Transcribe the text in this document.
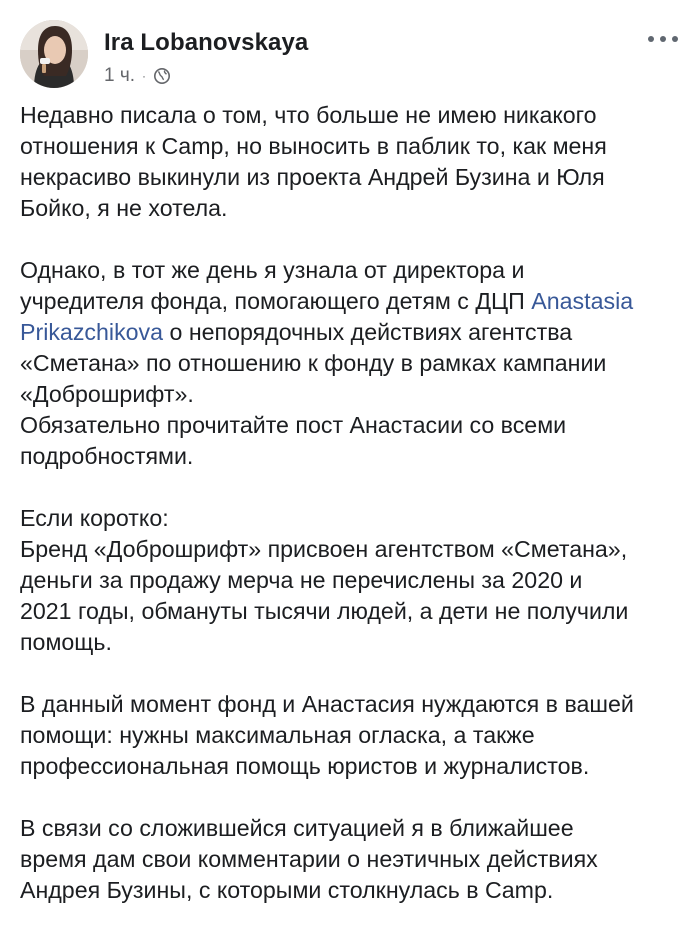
Ira Lobanovskaya
1 ч. ·

Недавно писала о том, что больше не имею никакого
отношения к Camp, но выносить в паблик то, как меня
некрасиво выкинули из проекта Андрей Бузина и Юля
Бойко, я не хотела.

Однако, в тот же день я узнала от директора и
учредителя фонда, помогающего детям с ДЦП Anastasia
Prikazchikova о непорядочных действиях агентства
«Сметана» по отношению к фонду в рамках кампании
«Доброшрифт».
Обязательно прочитайте пост Анастасии со всеми
подробностями.

Если коротко:
Бренд «Доброшрифт» присвоен агентством «Сметана»,
деньги за продажу мерча не перечислены за 2020 и
2021 годы, обмануты тысячи людей, а дети не получили
помощь.

В данный момент фонд и Анастасия нуждаются в вашей
помощи: нужны максимальная огласка, а также
профессиональная помощь юристов и журналистов.

В связи со сложившейся ситуацией я в ближайшее
время дам свои комментарии о неэтичных действиях
Андрея Бузины, с которыми столкнулась в Camp.
